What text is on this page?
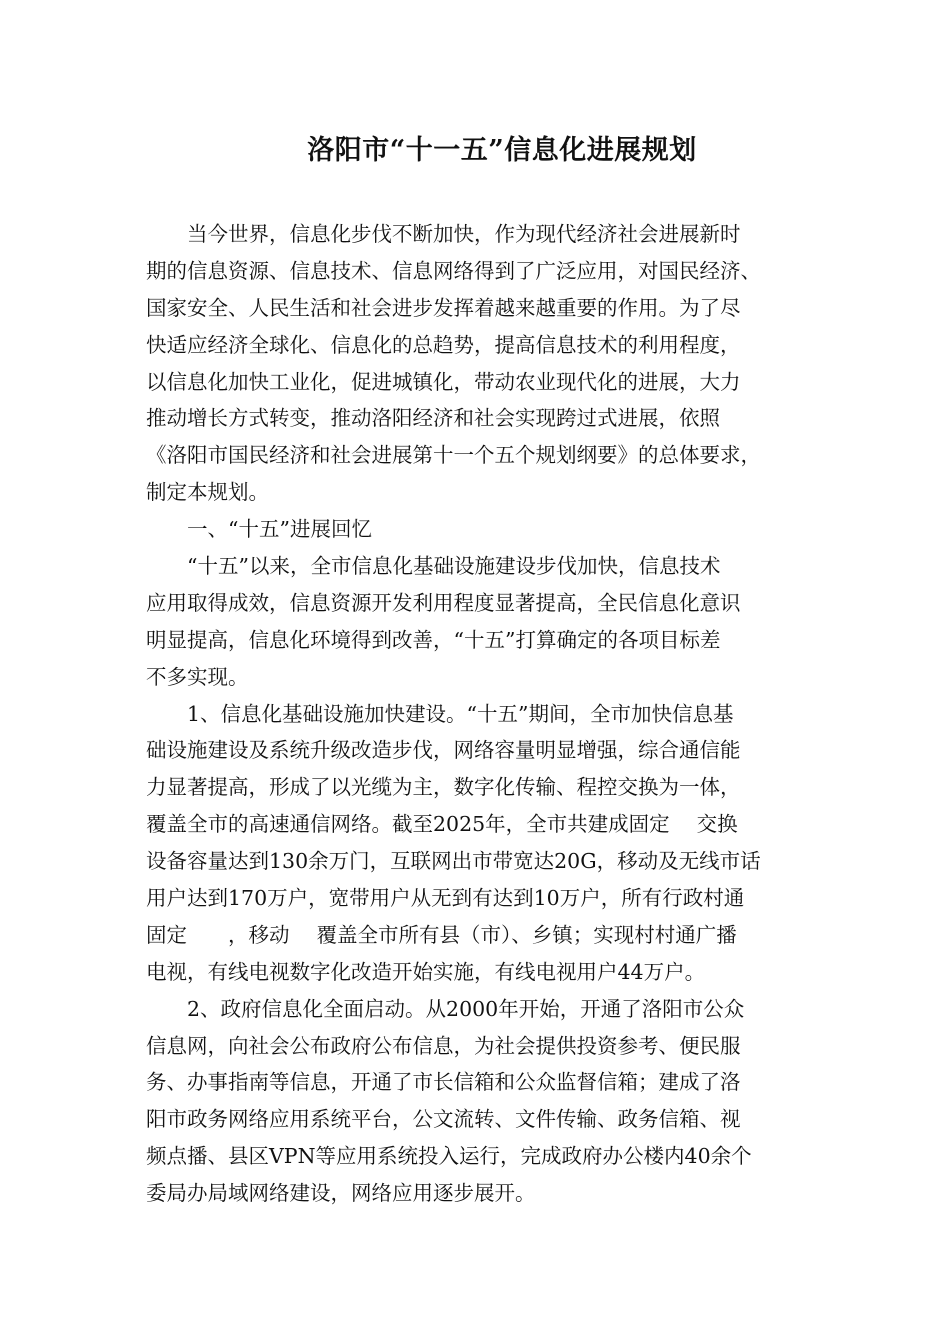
洛阳市“十一五”信息化进展规划
　　当今世界，信息化步伐不断加快，作为现代经济社会进展新时
期的信息资源、信息技术、信息网络得到了广泛应用，对国民经济、
国家安全、人民生活和社会进步发挥着越来越重要的作用。为了尽
快适应经济全球化、信息化的总趋势，提高信息技术的利用程度，
以信息化加快工业化，促进城镇化，带动农业现代化的进展，大力
推动增长方式转变，推动洛阳经济和社会实现跨过式进展，依照
《洛阳市国民经济和社会进展第十一个五个规划纲要》的总体要求，
制定本规划。
　　一、“十五”进展回忆
　　“十五”以来，全市信息化基础设施建设步伐加快，信息技术
应用取得成效，信息资源开发利用程度显著提高，全民信息化意识
明显提高，信息化环境得到改善，“十五”打算确定的各项目标差
不多实现。
　　1、信息化基础设施加快建设。“十五”期间，全市加快信息基
础设施建设及系统升级改造步伐，网络容量明显增强，综合通信能
力显著提高，形成了以光缆为主，数字化传输、程控交换为一体，
覆盖全市的高速通信网络。截至2025年，全市共建成固定　 交换
设备容量达到130余万门，互联网出市带宽达20G，移动及无线市话
用户达到170万户，宽带用户从无到有达到10万户，所有行政村通
固定　　，移动　 覆盖全市所有县（市）、乡镇；实现村村通广播
电视，有线电视数字化改造开始实施，有线电视用户44万户。
　　2、政府信息化全面启动。从2000年开始，开通了洛阳市公众
信息网，向社会公布政府公布信息，为社会提供投资参考、便民服
务、办事指南等信息，开通了市长信箱和公众监督信箱；建成了洛
阳市政务网络应用系统平台，公文流转、文件传输、政务信箱、视
频点播、县区VPN等应用系统投入运行，完成政府办公楼内40余个
委局办局域网络建设，网络应用逐步展开。
